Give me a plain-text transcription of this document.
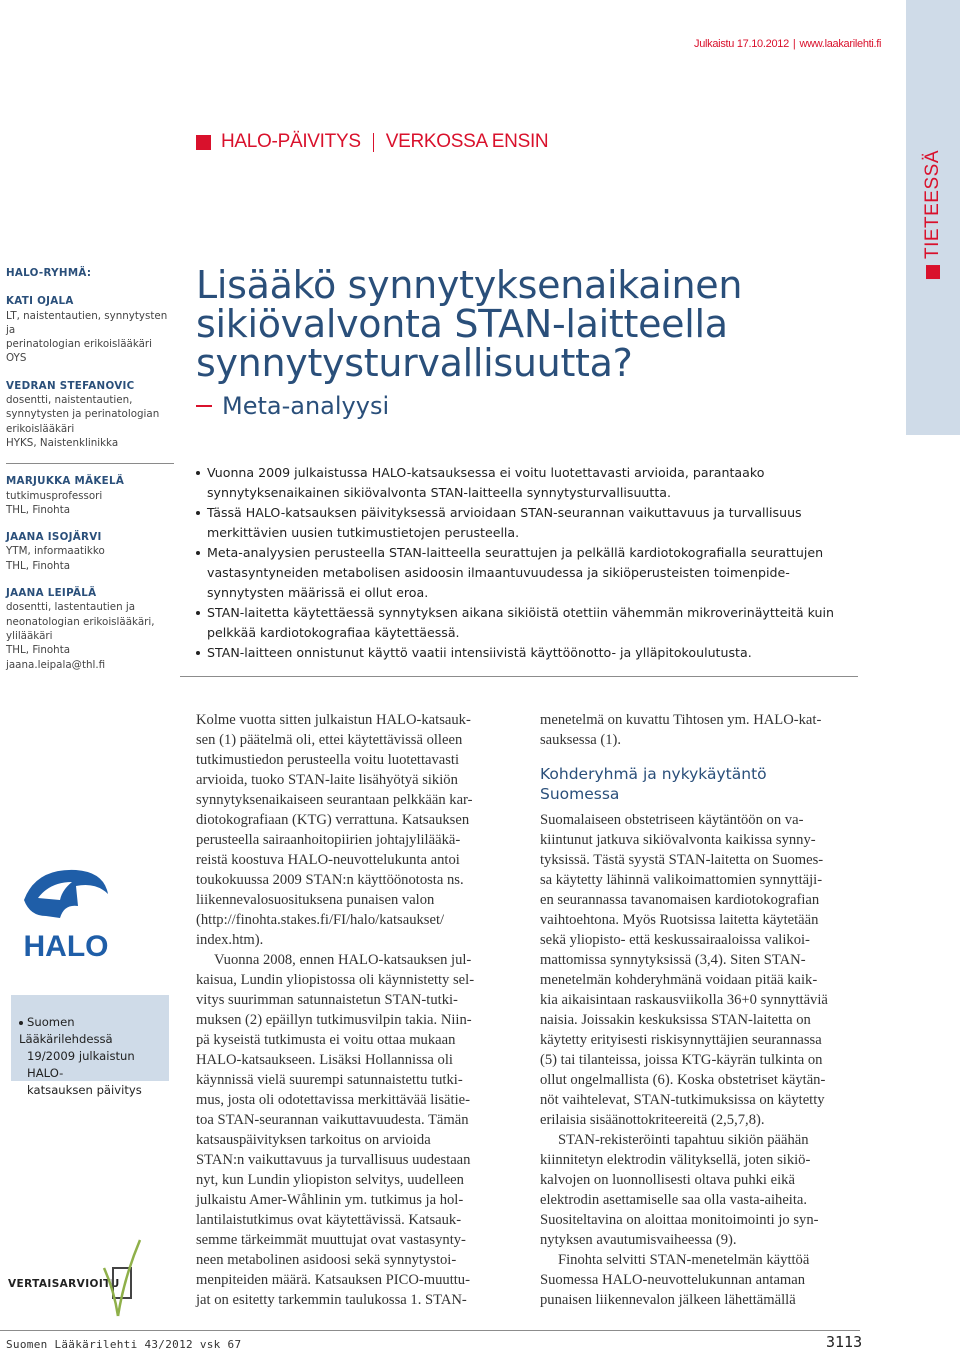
Julkaistu 17.10.2012 | www.laakarilehti.fi
TIETEESSÄ
HALO-PÄIVITYS VERKOSSA ENSIN
HALO-RYHMÄ:
KATI OJALA
LT, naistentautien, synnytysten ja
perinatologian erikoislääkäri
OYS
VEDRAN STEFANOVIC
dosentti, naistentautien,
synnytysten ja perinatologian
erikoislääkäri
HYKS, Naistenklinikka
MARJUKKA MÄKELÄ
tutkimusprofessori
THL, Finohta
JAANA ISOJÄRVI
YTM, informaatikko
THL, Finohta
JAANA LEIPÄLÄ
dosentti, lastentautien ja
neonatologian erikoislääkäri,
ylilääkäri
THL, Finohta
jaana.leipala@thl.fi
Lisääkö synnytyksenaikainen
sikiövalvonta STAN-laitteella
synnytysturvallisuutta?
Meta-analyysi
Vuonna 2009 julkaistussa HALO-katsauksessa ei voitu luotettavasti arvioida, parantaako
synnytyksenaikainen sikiövalvonta STAN-laitteella synnytysturvallisuutta.
Tässä HALO-katsauksen päivityksessä arvioidaan STAN-seurannan vaikuttavuus ja turvallisuus
merkittävien uusien tutkimustietojen perusteella.
Meta-analyysien perusteella STAN-laitteella seurattujen ja pelkällä kardiotokografialla seurattujen
vastasyntyneiden metabolisen asidoosin ilmaantuvuudessa ja sikiöperusteisten toimenpide-
synnytysten määrissä ei ollut eroa.
STAN-laitetta käytettäessä synnytyksen aikana sikiöistä otettiin vähemmän mikroverinäytteitä kuin
pelkkää kardiotokografiaa käytettäessä.
STAN-laitteen onnistunut käyttö vaatii intensiivistä käyttöönotto- ja ylläpitokoulutusta.

Kolme vuotta sitten julkaistun HALO-katsauk-
sen (1) päätelmä oli, ettei käytettävissä olleen
tutkimustiedon perusteella voitu luotettavasti
arvioida, tuoko STAN-laite lisähyötyä sikiön
synnytyksenaikaiseen seurantaan pelkkään kar-
diotokografiaan (KTG) verrattuna. Katsauksen
perusteella sairaanhoitopiirien johtajylilääkä-
reistä koostuva HALO-neuvottelukunta antoi
toukokuussa 2009 STAN:n käyttöönotosta ns.
liikennevalosuosituksena punaisen valon
(http://finohta.stakes.fi/FI/halo/katsaukset/
index.htm).

Vuonna 2008, ennen HALO-katsauksen jul-
kaisua, Lundin yliopistossa oli käynnistetty sel-
vitys suurimman satunnaistetun STAN-tutki-
muksen (2) epäillyn tutkimusvilpin takia. Niin-
pä kyseistä tutkimusta ei voitu ottaa mukaan
HALO-katsaukseen. Lisäksi Hollannissa oli
käynnissä vielä suurempi satunnaistettu tutki-
mus, josta oli odotettavissa merkittävää lisätie-
toa STAN-seurannan vaikuttavuudesta. Tämän
katsauspäivityksen tarkoitus on arvioida
STAN:n vaikuttavuus ja turvallisuus uudestaan
nyt, kun Lundin yliopiston selvitys, uudelleen
julkaistu Amer-Wåhlinin ym. tutkimus ja hol-
lantilaistutkimus ovat käytettävissä. Katsauk-
semme tärkeimmät muuttujat ovat vastasynty-
neen metabolinen asidoosi sekä synnytystoi-
menpiteiden määrä. Katsauksen PICO-muuttu-
jat on esitetty tarkemmin taulukossa 1. STAN-

menetelmä on kuvattu Tihtosen ym. HALO-kat-
sauksessa (1).

Kohderyhmä ja nykykäytäntö
Suomessa

Suomalaiseen obstetriseen käytäntöön on va-
kiintunut jatkuva sikiövalvonta kaikissa synny-
tyksissä. Tästä syystä STAN-laitetta on Suomes-
sa käytetty lähinnä valikoimattomien synnyttäji-
en seurannassa tavanomaisen kardiotokografian
vaihtoehtona. Myös Ruotsissa laitetta käytetään
sekä yliopisto- että keskussairaaloissa valikoi-
mattomissa synnytyksissä (3,4). Siten STAN-
menetelmän kohderyhmänä voidaan pitää kaik-
kia aikaisintaan raskausviikolla 36+0 synnyttäviä
naisia. Joissakin keskuksissa STAN-laitetta on
käytetty erityisesti riskisynnyttäjien seurannassa
(5) tai tilanteissa, joissa KTG-käyrän tulkinta on
ollut ongelmallista (6). Koska obstetriset käytän-
nöt vaihtelevat, STAN-tutkimuksissa on käytetty
erilaisia sisäänottokriteereitä (2,5,7,8).

STAN-rekisteröinti tapahtuu sikiön päähän
kiinnitetyn elektrodin välityksellä, joten sikiö-
kalvojen on luonnollisesti oltava puhki eikä
elektrodin asettamiselle saa olla vasta-aiheita.
Suositeltavina on aloittaa monitoimointi jo syn-
nytyksen avautumisvaiheessa (9).

Finohta selvitti STAN-menetelmän käyttöä
Suomessa HALO-neuvottelukunnan antaman
punaisen liikennevalon jälkeen lähettämällä

HALO
Suomen Lääkärilehdessä
19/2009 julkaistun HALO-
katsauksen päivitys
VERTAISARVIOITU
Suomen Lääkärilehti 43/2012 vsk 67	3113
